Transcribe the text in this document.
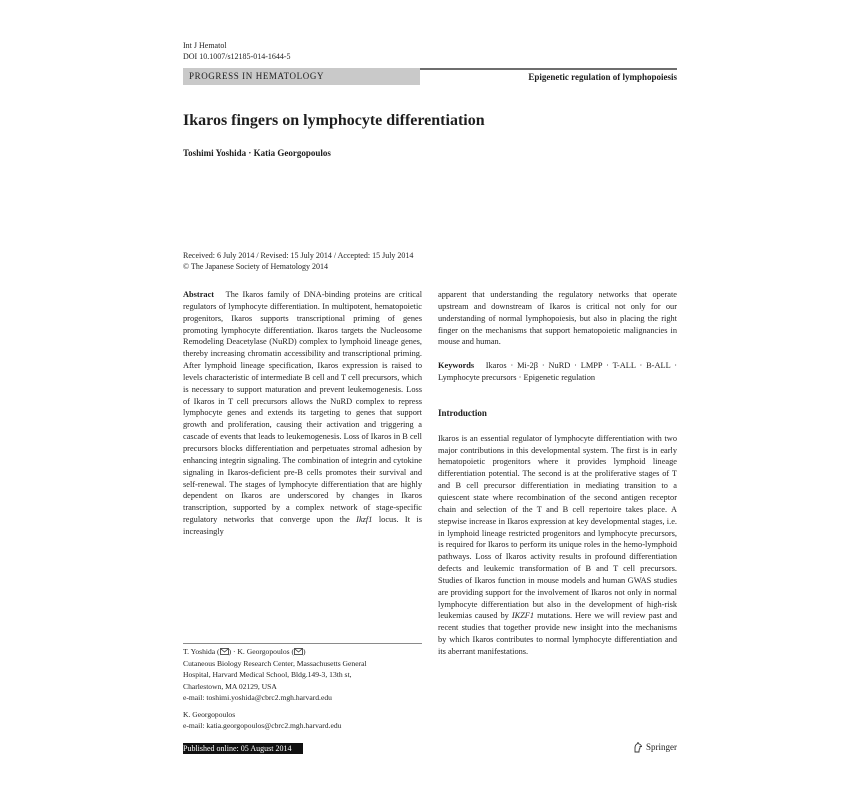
Int J Hematol
DOI 10.1007/s12185-014-1644-5
PROGRESS IN HEMATOLOGY	Epigenetic regulation of lymphopoiesis
Ikaros fingers on lymphocyte differentiation
Toshimi Yoshida · Katia Georgopoulos
Received: 6 July 2014 / Revised: 15 July 2014 / Accepted: 15 July 2014
© The Japanese Society of Hematology 2014

Abstract The Ikaros family of DNA-binding proteins are critical regulators of lymphocyte differentiation. In multipotent, hematopoietic progenitors, Ikaros supports transcriptional priming of genes promoting lymphocyte differentiation. Ikaros targets the Nucleosome Remodeling Deacetylase (NuRD) complex to lymphoid lineage genes, thereby increasing chromatin accessibility and transcriptional priming. After lymphoid lineage specification, Ikaros expression is raised to levels characteristic of intermediate B cell and T cell precursors, which is necessary to support maturation and prevent leukemogenesis. Loss of Ikaros in T cell precursors allows the NuRD complex to repress lymphocyte genes and extends its targeting to genes that support growth and proliferation, causing their activation and triggering a cascade of events that leads to leukemogenesis. Loss of Ikaros in B cell precursors blocks differentiation and perpetuates stromal adhesion by enhancing integrin signaling. The combination of integrin and cytokine signaling in Ikaros-deficient pre-B cells promotes their survival and self-renewal. The stages of lymphocyte differentiation that are highly dependent on Ikaros are underscored by changes in Ikaros transcription, supported by a complex network of stage-specific regulatory networks that converge upon the Ikzf1 locus. It is increasingly

apparent that understanding the regulatory networks that operate upstream and downstream of Ikaros is critical not only for our understanding of normal lymphopoiesis, but also in placing the right finger on the mechanisms that support hematopoietic malignancies in mouse and human.

Keywords Ikaros · Mi-2β · NuRD · LMPP · T-ALL · B-ALL · Lymphocyte precursors · Epigenetic regulation

Introduction

Ikaros is an essential regulator of lymphocyte differentiation with two major contributions in this developmental system. The first is in early hematopoietic progenitors where it provides lymphoid lineage differentiation potential. The second is at the proliferative stages of T and B cell precursor differentiation in mediating transition to a quiescent state where recombination of the second antigen receptor chain and selection of the T and B cell repertoire takes place. A stepwise increase in Ikaros expression at key developmental stages, i.e. in lymphoid lineage restricted progenitors and lymphocyte precursors, is required for Ikaros to perform its unique roles in the hemo-lymphoid pathways. Loss of Ikaros activity results in profound differentiation defects and leukemic transformation of B and T cell precursors. Studies of Ikaros function in mouse models and human GWAS studies are providing support for the involvement of Ikaros not only in normal lymphocyte differentiation but also in the development of high-risk leukemias caused by IKZF1 mutations. Here we will review past and recent studies that together provide new insight into the mechanisms by which Ikaros contributes to normal lymphocyte differentiation and its aberrant manifestations.

T. Yoshida ( ) · K. Georgopoulos ( )

Cutaneous Biology Research Center, Massachusetts General

Hospital, Harvard Medical School, Bldg.149-3, 13th st,

Charlestown, MA 02129, USA

e-mail: toshimi.yoshida@cbrc2.mgh.harvard.edu

K. Georgopoulos

e-mail: katia.georgopoulos@cbrc2.mgh.harvard.edu

Published online: 05 August 2014	Springer
